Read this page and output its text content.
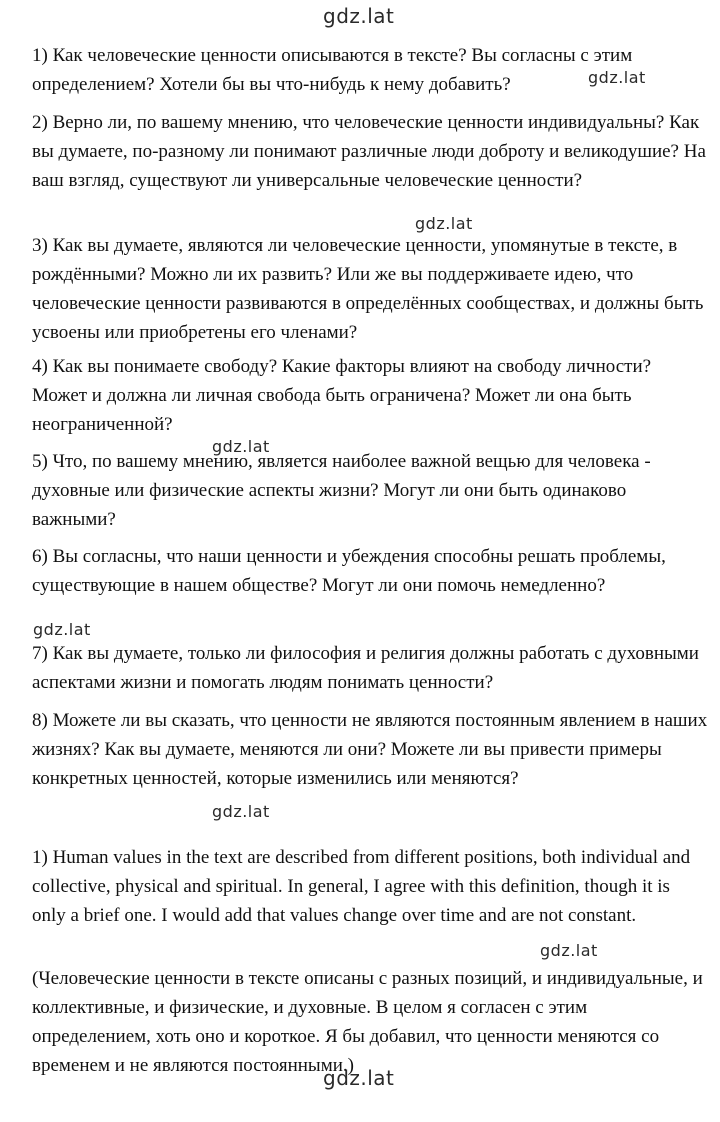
gdz.lat

1) Как человеческие ценности описываются в тексте? Вы согласны с этим определением? Хотели бы вы что-нибудь к нему добавить?	gdz.lat

2) Верно ли, по вашему мнению, что человеческие ценности индивидуальны? Как вы думаете, по-разному ли понимают различные люди доброту и великодушие? На ваш взгляд, существуют ли универсальные человеческие ценности?

gdz.lat

3) Как вы думаете, являются ли человеческие ценности, упомянутые в тексте, в рождёнными? Можно ли их развить? Или же вы поддерживаете идею, что человеческие ценности развиваются в определённых сообществах, и должны быть усвоены или приобретены его членами?

4) Как вы понимаете свободу? Какие факторы влияют на свободу личности? Может и должна ли личная свобода быть ограничена? Может ли она быть неограниченной?

gdz.lat

5) Что, по вашему мнению, является наиболее важной вещью для человека - духовные или физические аспекты жизни? Могут ли они быть одинаково важными?

6) Вы согласны, что наши ценности и убеждения способны решать проблемы, существующие в нашем обществе? Могут ли они помочь немедленно?

gdz.lat

7) Как вы думаете, только ли философия и религия должны работать с духовными аспектами жизни и помогать людям понимать ценности?

8) Можете ли вы сказать, что ценности не являются постоянным явлением в наших жизнях? Как вы думаете, меняются ли они? Можете ли вы привести примеры конкретных ценностей, которые изменились или меняются?

gdz.lat

1) Human values in the text are described from different positions, both individual and collective, physical and spiritual. In general, I agree with this definition, though it is only a brief one. I would add that values change over time and are not constant.

gdz.lat

(Человеческие ценности в тексте описаны с разных позиций, и индивидуальные, и коллективные, и физические, и духовные. В целом я согласен с этим определением, хоть оно и короткое. Я бы добавил, что ценности меняются со временем и не являются постоянными.)

gdz.lat
